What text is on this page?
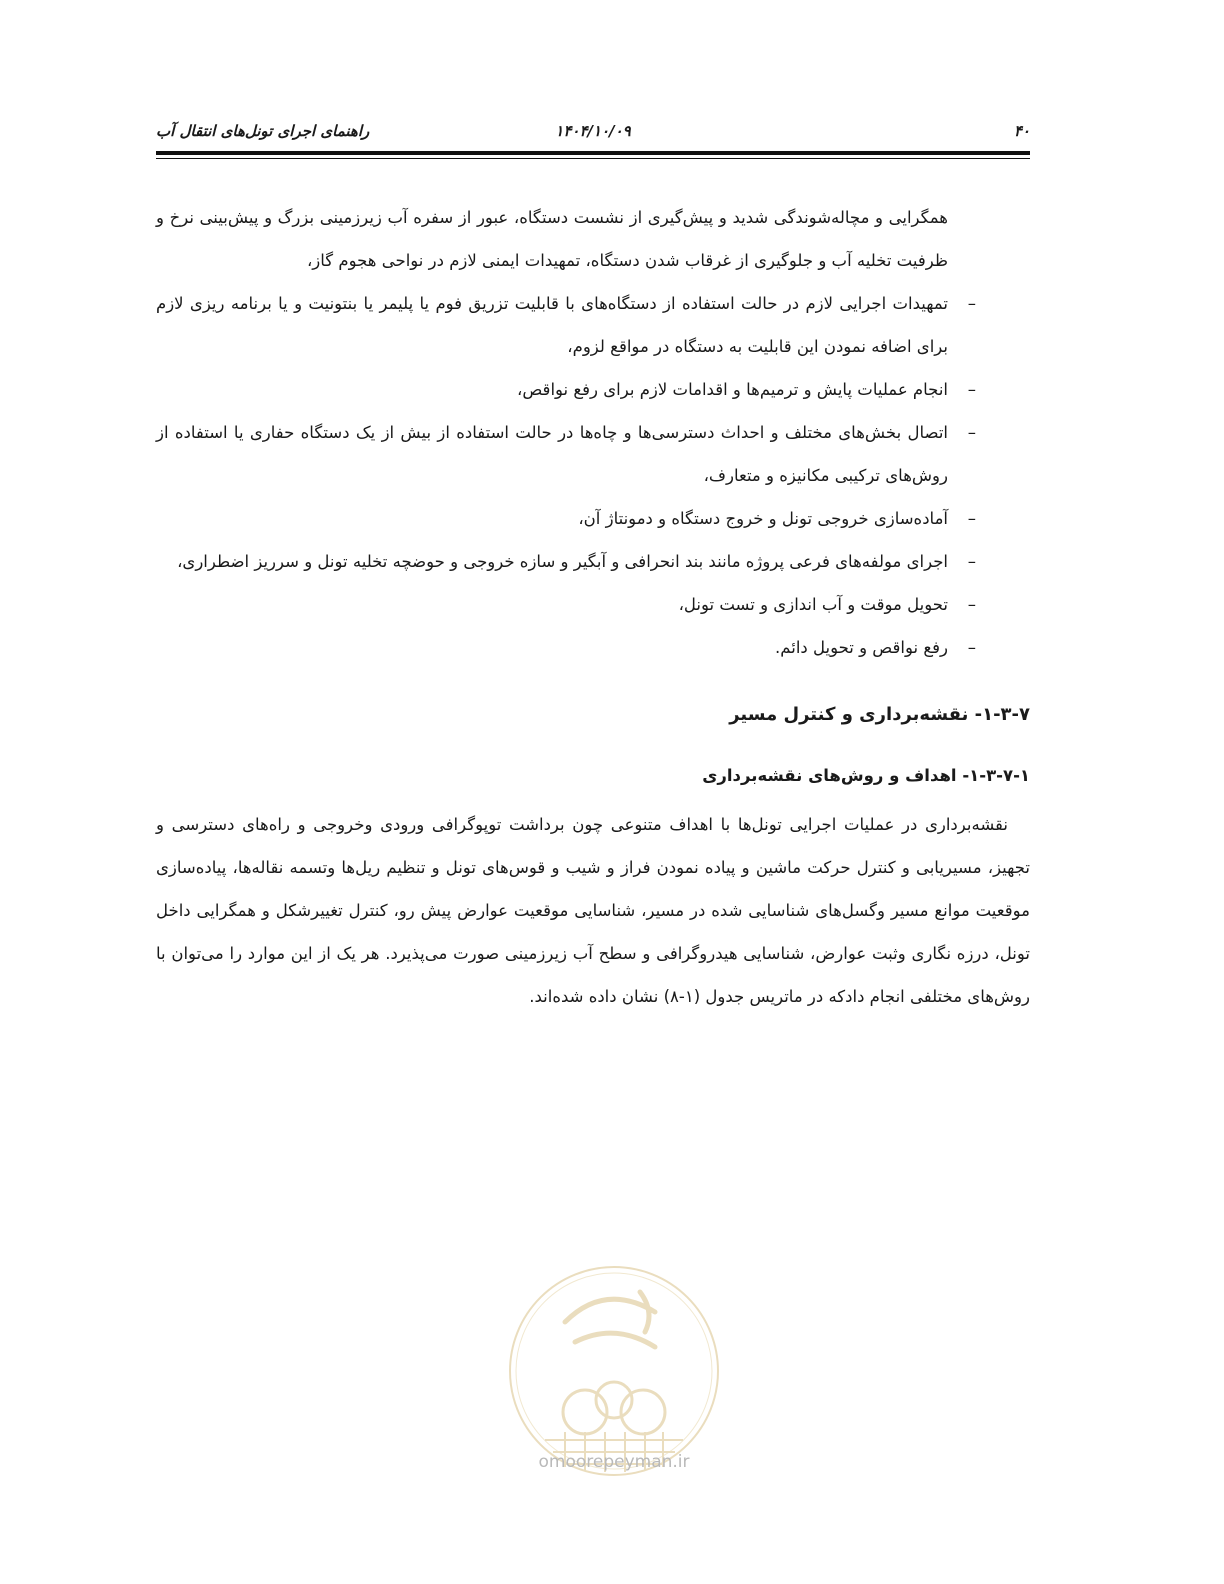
۴۰
۱۴۰۴/۱۰/۰۹
راهنمای اجرای تونل‌های انتقال آب

همگرایی و مچاله‌شوندگی شدید و پیش‌گیری از نشست دستگاه، عبور از سفره آب زیرزمینی بزرگ و پیش‌بینی نرخ و ظرفیت تخلیه آب و جلوگیری از غرقاب شدن دستگاه، تمهیدات ایمنی لازم در نواحی هجوم گاز،

–
تمهیدات اجرایی لازم در حالت استفاده از دستگاه‌های با قابلیت تزریق فوم یا پلیمر یا بنتونیت و یا برنامه ریزی لازم برای اضافه نمودن این قابلیت به دستگاه در مواقع لزوم،
–
انجام عملیات پایش و ترمیم‌ها و اقدامات لازم برای رفع نواقص،
–
اتصال بخش‌های مختلف و احداث دسترسی‌ها و چاه‌ها در حالت استفاده از بیش از یک دستگاه حفاری یا استفاده از روش‌های ترکیبی مکانیزه و متعارف،
–
آماده‌سازی خروجی تونل و خروج دستگاه و دمونتاژ آن،
–
اجرای مولفه‌های فرعی پروژه مانند بند انحرافی و آبگیر و سازه خروجی و حوضچه تخلیه تونل و سرریز اضطراری،
–
تحویل موقت و آب اندازی و تست تونل،
–
رفع نواقص و تحویل دائم.
۱-۳-۷- نقشه‌برداری و کنترل مسیر
۱-۳-۷-۱- اهداف و روش‌های نقشه‌برداری

نقشه‌برداری در عملیات اجرایی تونل‌ها با اهداف متنوعی چون برداشت توپوگرافی ورودی وخروجی و راه‌های دسترسی و تجهیز، مسیریابی و کنترل حرکت ماشین و پیاده نمودن فراز و شیب و قوس‌های تونل و تنظیم ریل‌ها وتسمه نقاله‌ها، پیاده‌سازی موقعیت موانع مسیر وگسل‌های شناسایی شده در مسیر، شناسایی موقعیت عوارض پیش رو، کنترل تغییرشکل و همگرایی داخل تونل، درزه نگاری وثبت عوارض، شناسایی هیدروگرافی و سطح آب زیرزمینی صورت می‌پذیرد. هر یک از این موارد را می‌توان با روش‌های مختلفی انجام دادکه در ماتریس جدول (۱-۸) نشان داده شده‌اند.

omoorepeyman.ir
